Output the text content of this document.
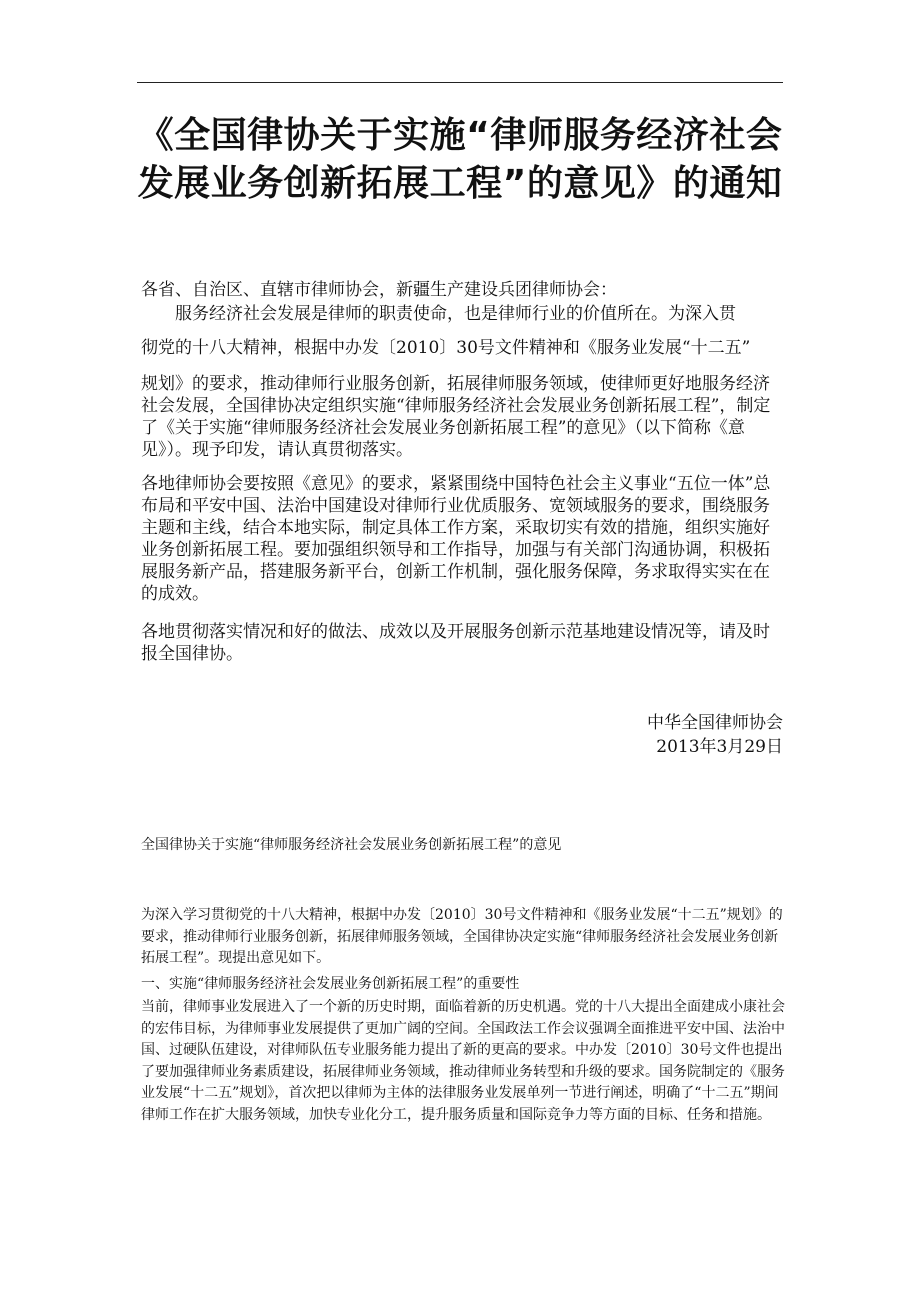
《全国律协关于实施“律师服务经济社会发展业务创新拓展工程”的意见》的通知

各省、自治区、直辖市律师协会，新疆生产建设兵团律师协会：

服务经济社会发展是律师的职责使命，也是律师行业的价值所在。为深入贯
彻党的十八大精神，根据中办发〔2010〕30号文件精神和《服务业发展“十二五”
规划》的要求，推动律师行业服务创新，拓展律师服务领域，使律师更好地服务经济社会发展，全国律协决定组织实施“律师服务经济社会发展业务创新拓展工程”，制定了《关于实施“律师服务经济社会发展业务创新拓展工程”的意见》（以下简称《意见》）。现予印发，请认真贯彻落实。

各地律师协会要按照《意见》的要求，紧紧围绕中国特色社会主义事业“五位一体”总布局和平安中国、法治中国建设对律师行业优质服务、宽领域服务的要求，围绕服务主题和主线，结合本地实际，制定具体工作方案，采取切实有效的措施，组织实施好业务创新拓展工程。要加强组织领导和工作指导，加强与有关部门沟通协调，积极拓展服务新产品，搭建服务新平台，创新工作机制，强化服务保障，务求取得实实在在的成效。

各地贯彻落实情况和好的做法、成效以及开展服务创新示范基地建设情况等，请及时报全国律协。

中华全国律师协会
2013年3月29日

全国律协关于实施“律师服务经济社会发展业务创新拓展工程”的意见

为深入学习贯彻党的十八大精神，根据中办发〔2010〕30号文件精神和《服务业发展“十二五”规划》的要求，推动律师行业服务创新，拓展律师服务领域，全国律协决定实施“律师服务经济社会发展业务创新拓展工程”。现提出意见如下。

一、实施“律师服务经济社会发展业务创新拓展工程”的重要性

当前，律师事业发展进入了一个新的历史时期，面临着新的历史机遇。党的十八大提出全面建成小康社会的宏伟目标，为律师事业发展提供了更加广阔的空间。全国政法工作会议强调全面推进平安中国、法治中国、过硬队伍建设，对律师队伍专业服务能力提出了新的更高的要求。中办发〔2010〕30号文件也提出了要加强律师业务素质建设，拓展律师业务领域，推动律师业务转型和升级的要求。国务院制定的《服务业发展“十二五”规划》，首次把以律师为主体的法律服务业发展单列一节进行阐述，明确了“十二五”期间律师工作在扩大服务领域，加快专业化分工，提升服务质量和国际竞争力等方面的目标、任务和措施。
